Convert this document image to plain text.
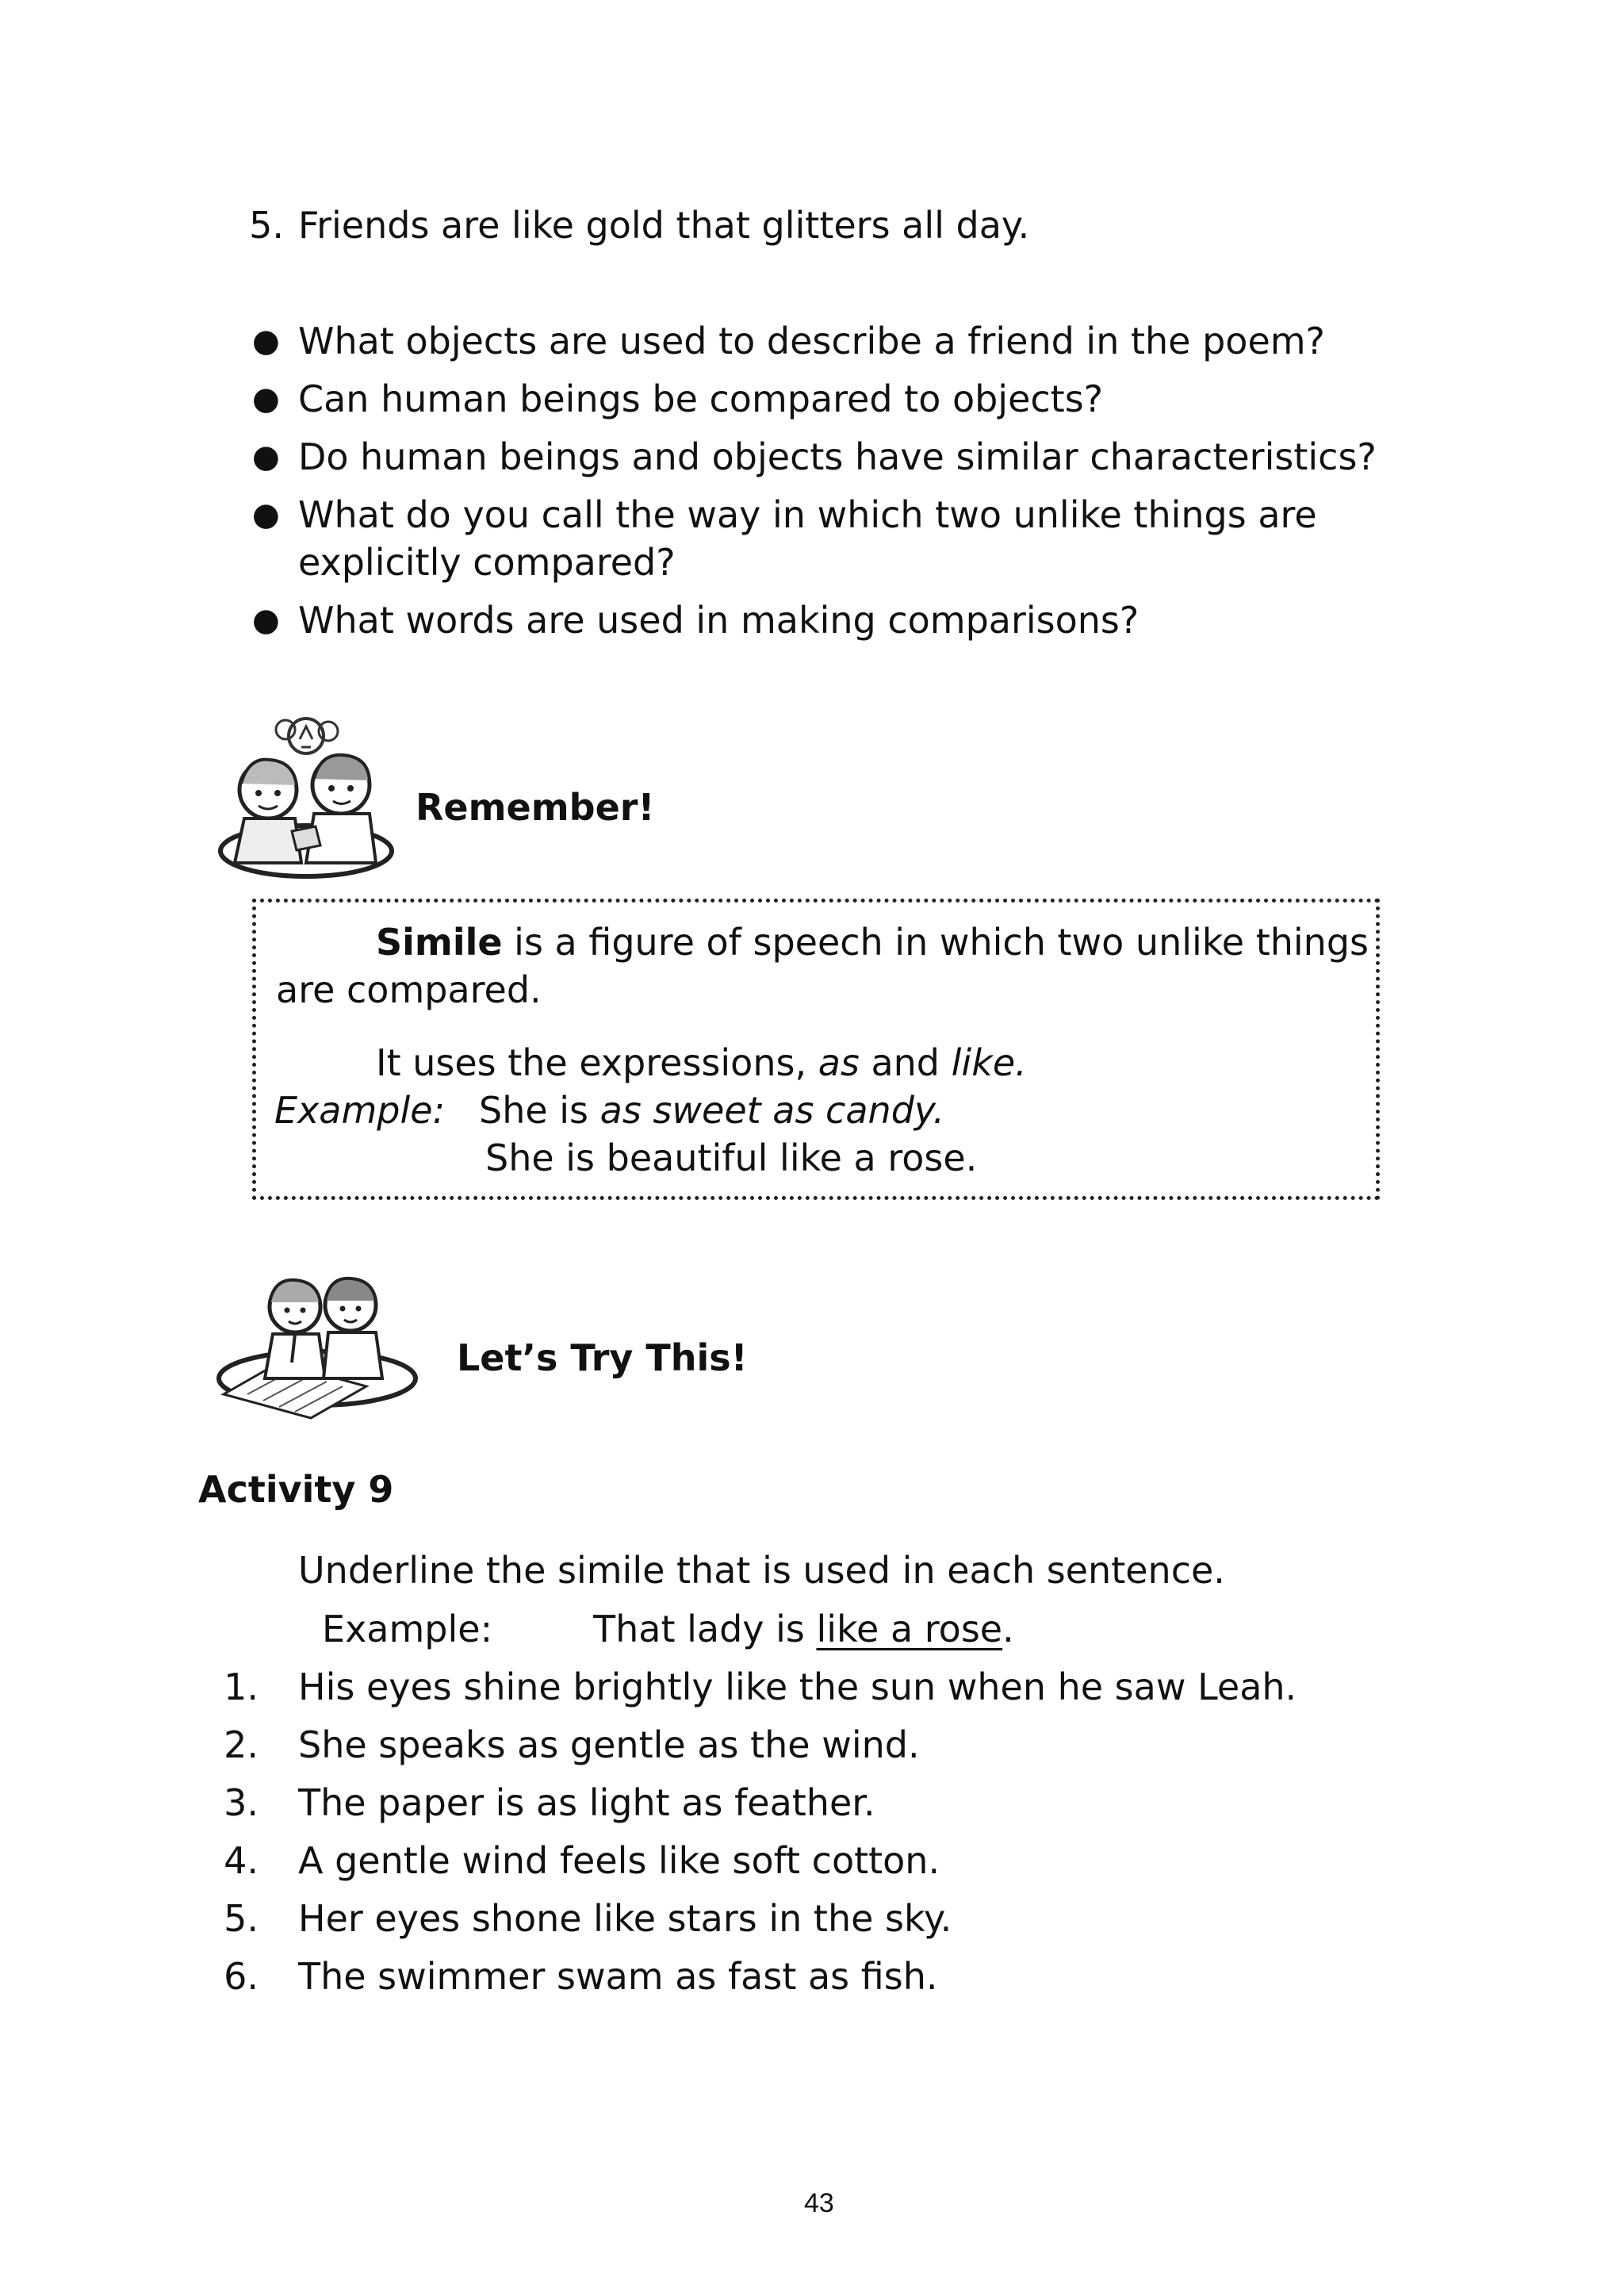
5. Friends are like gold that glitters all day.
● What objects are used to describe a friend in the poem?
● Can human beings be compared to objects?
● Do human beings and objects have similar characteristics?
● What do you call the way in which two unlike things are
explicitly compared?
● What words are used in making comparisons?
Remember!
Simile is a figure of speech in which two unlike things
are compared.
It uses the expressions, as and like.
Example: She is as sweet as candy.
She is beautiful like a rose.
Let’s Try This!
Activity 9
Underline the simile that is used in each sentence.
Example:	That lady is like a rose.
1. His eyes shine brightly like the sun when he saw Leah.
2. She speaks as gentle as the wind.
3. The paper is as light as feather.
4. A gentle wind feels like soft cotton.
5. Her eyes shone like stars in the sky.
6. The swimmer swam as fast as fish.
43
